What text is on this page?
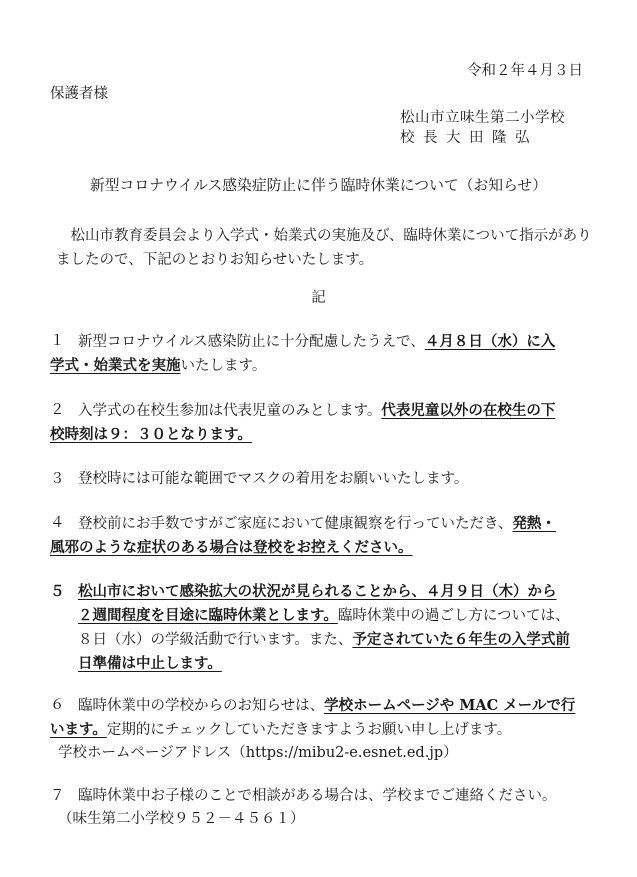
令和２年４月３日
保護者様
松山市立味生第二小学校
校長大田隆弘
新型コロナウイルス感染症防止に伴う臨時休業について（お知らせ）
松山市教育委員会より入学式・始業式の実施及び、臨時休業について指示がありましたので、下記のとおりお知らせいたします。
記
１ 新型コロナウイルス感染防止に十分配慮したうえで、４月８日（水）に入
学式・始業式を実施いたします。
２ 入学式の在校生参加は代表児童のみとします。代表児童以外の在校生の下
校時刻は９：３０となります。
３ 登校時には可能な範囲でマスクの着用をお願いいたします。
４ 登校前にお手数ですがご家庭において健康観察を行っていただき、発熱・
風邪のような症状のある場合は登校をお控えください。
５ 松山市において感染拡大の状況が見られることから、４月９日（木）から
２週間程度を目途に臨時休業とします。臨時休業中の過ごし方については、
８日（水）の学級活動で行います。また、予定されていた６年生の入学式前
日準備は中止します。
６ 臨時休業中の学校からのお知らせは、学校ホームページや MAC メールで行
います。定期的にチェックしていただきますようお願い申し上げます。
学校ホームページアドレス（https://mibu2-e.esnet.ed.jp）
７ 臨時休業中お子様のことで相談がある場合は、学校までご連絡ください。
（味生第二小学校９５２－４５６１）
